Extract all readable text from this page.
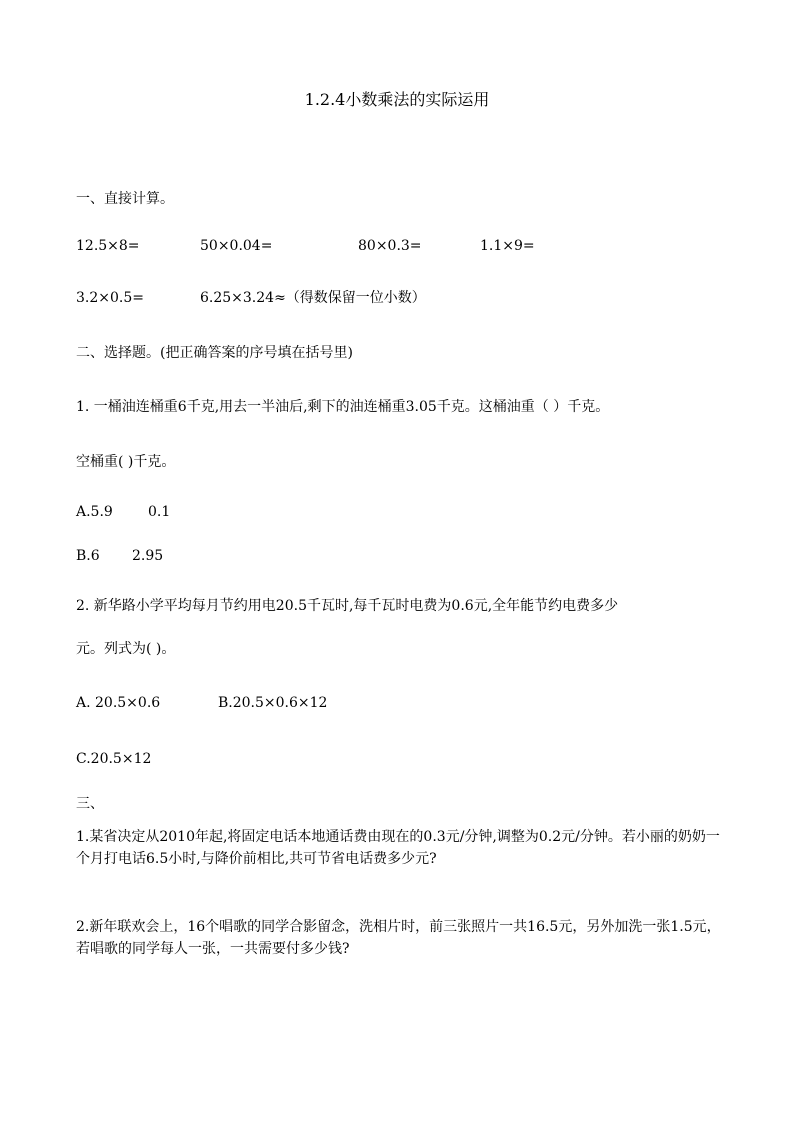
1.2.4小数乘法的实际运用
一、直接计算。
12.5×8=	50×0.04=	80×0.3=	1.1×9=
3.2×0.5=	6.25×3.24≈（得数保留一位小数）
二、选择题。(把正确答案的序号填在括号里)
1. 一桶油连桶重6千克,用去一半油后,剩下的油连桶重3.05千克。这桶油重（ ）千克。
空桶重( )千克。
A.5.9	0.1
B.6 2.95
2. 新华路小学平均每月节约用电20.5千瓦时,每千瓦时电费为0.6元,全年能节约电费多少
元。列式为( )。
A. 20.5×0.6	B.20.5×0.6×12
C.20.5×12
三、
1.某省决定从2010年起,将固定电话本地通话费由现在的0.3元/分钟,调整为0.2元/分钟。若小丽的奶奶一个月打电话6.5小时,与降价前相比,共可节省电话费多少元?
2.新年联欢会上，16个唱歌的同学合影留念，洗相片时，前三张照片一共16.5元，另外加洗一张1.5元，若唱歌的同学每人一张，一共需要付多少钱?
